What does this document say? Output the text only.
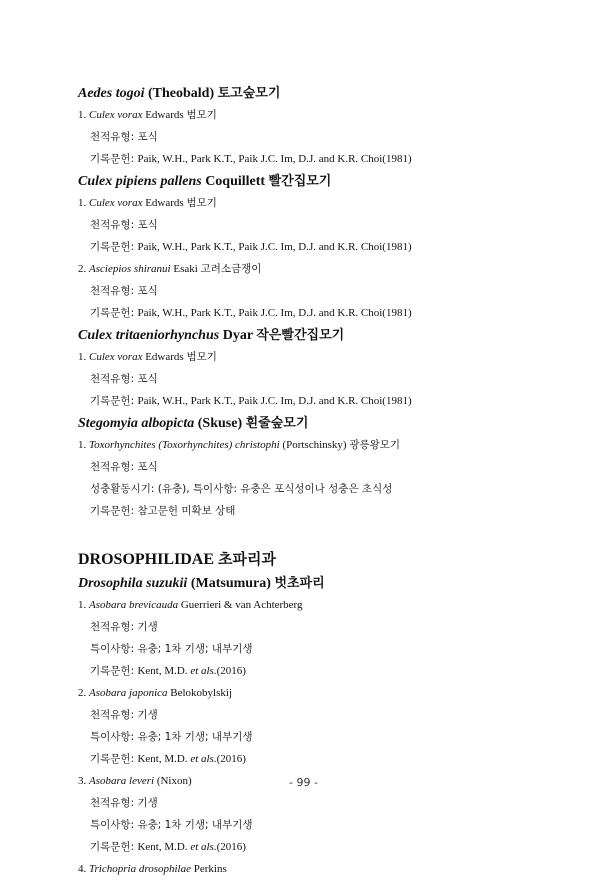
Aedes togoi (Theobald) 토고숲모기
1. Culex vorax Edwards 범모기
천적유형: 포식
기록문헌: Paik, W.H., Park K.T., Paik J.C. Im, D.J. and K.R. Choi(1981)
Culex pipiens pallens Coquillett 빨간집모기
1. Culex vorax Edwards 범모기
천적유형: 포식
기록문헌: Paik, W.H., Park K.T., Paik J.C. Im, D.J. and K.R. Choi(1981)
2. Asciepios shiranui Esaki 고려소금쟁이
천적유형: 포식
기록문헌: Paik, W.H., Park K.T., Paik J.C. Im, D.J. and K.R. Choi(1981)
Culex tritaeniorhynchus Dyar 작은빨간집모기
1. Culex vorax Edwards 범모기
천적유형: 포식
기록문헌: Paik, W.H., Park K.T., Paik J.C. Im, D.J. and K.R. Choi(1981)
Stegomyia albopicta (Skuse) 흰줄숲모기
1. Toxorhynchites (Toxorhynchites) christophi (Portschinsky) 광릉왕모기
천적유형: 포식
성충활동시기: (유충), 특이사항: 유충은 포식성이나 성충은 초식성
기록문헌: 참고문헌 미확보 상태
DROSOPHILIDAE 초파리과
Drosophila suzukii (Matsumura) 벗초파리
1. Asobara brevicauda Guerrieri & van Achterberg
천적유형: 기생
특이사항: 유충; 1차 기생; 내부기생
기록문헌: Kent, M.D. et als.(2016)
2. Asobara japonica Belokobylskij
천적유형: 기생
특이사항: 유충; 1차 기생; 내부기생
기록문헌: Kent, M.D. et als.(2016)
3. Asobara leveri (Nixon)
천적유형: 기생
특이사항: 유충; 1차 기생; 내부기생
기록문헌: Kent, M.D. et als.(2016)
4. Trichopria drosophilae Perkins
- 99 -
